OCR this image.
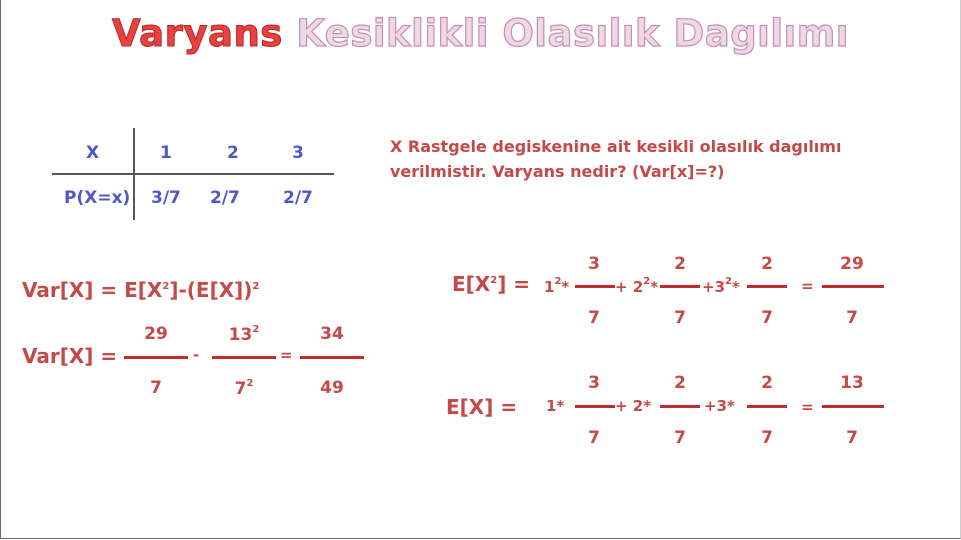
Varyans Kesiklikli Olasılık Dagılımı
X	1	2	3
P(X=x) 3/7 2/7	2/7
X Rastgele degiskenine ait kesikli olasılık dagılımı verilmistir. Varyans nedir? (Var[x]=?)
$Var[X] = E[X^2]-(E[X])^2$
Var[X] =
29
7
-
$13^2$
$7^2$
=
34
49
$E[X^2] = 1^2*$
3
7
+ $2^2*$
2
7
$+3^2*$
2
7
=
29
7
E[X] = 1*
3
7
+ 2*
2
7
+3*
2
7
=
13
7
